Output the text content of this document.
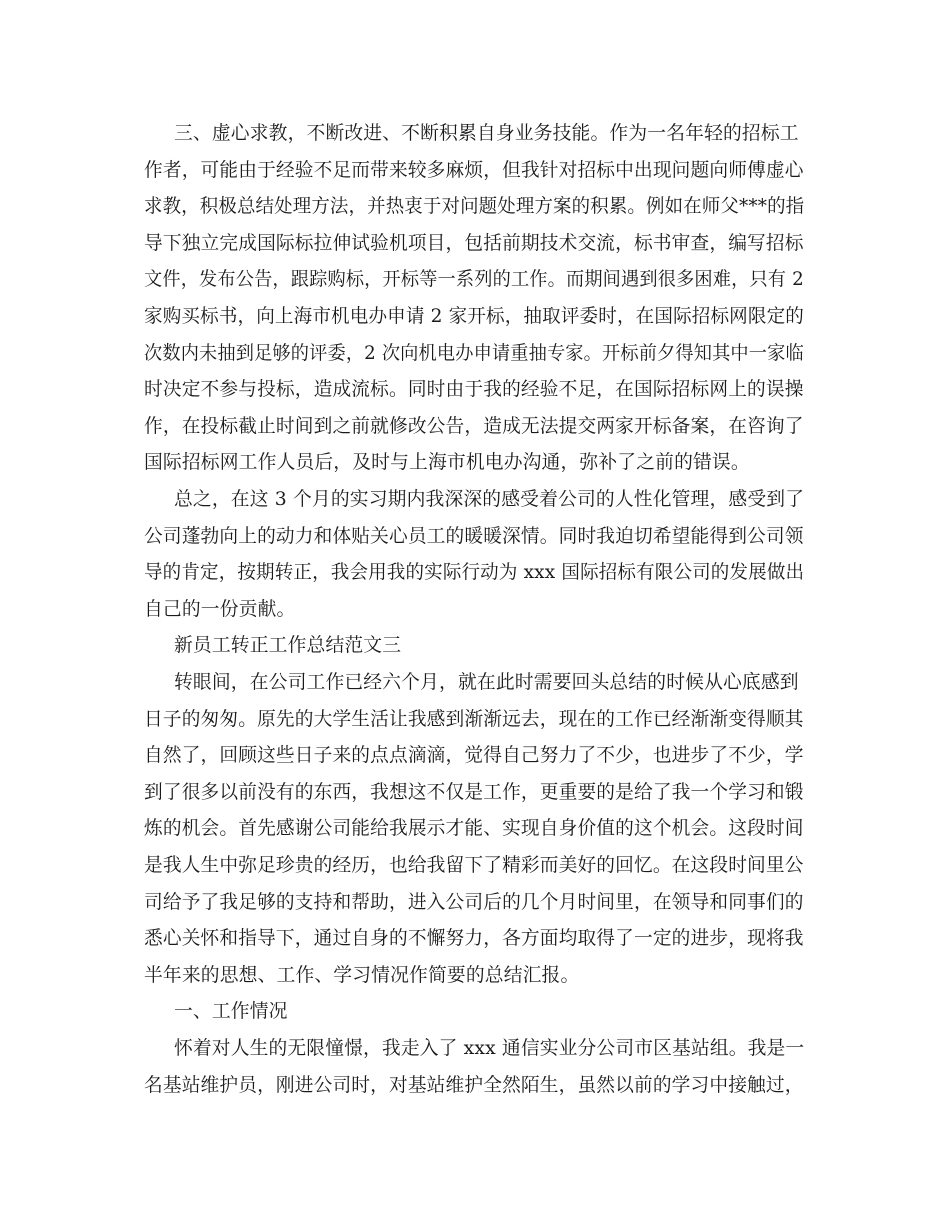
三、虚心求教，不断改进、不断积累自身业务技能。作为一名年轻的招标工
作者，可能由于经验不足而带来较多麻烦，但我针对招标中出现问题向师傅虚心
求教，积极总结处理方法，并热衷于对问题处理方案的积累。例如在师父***的指
导下独立完成国际标拉伸试验机项目，包括前期技术交流，标书审查，编写招标
文件，发布公告，跟踪购标，开标等一系列的工作。而期间遇到很多困难，只有 2
家购买标书，向上海市机电办申请 2 家开标，抽取评委时，在国际招标网限定的
次数内未抽到足够的评委，2 次向机电办申请重抽专家。开标前夕得知其中一家临
时决定不参与投标，造成流标。同时由于我的经验不足，在国际招标网上的误操
作，在投标截止时间到之前就修改公告，造成无法提交两家开标备案，在咨询了
国际招标网工作人员后，及时与上海市机电办沟通，弥补了之前的错误。
总之，在这 3 个月的实习期内我深深的感受着公司的人性化管理，感受到了
公司蓬勃向上的动力和体贴关心员工的暖暖深情。同时我迫切希望能得到公司领
导的肯定，按期转正，我会用我的实际行动为 xxx 国际招标有限公司的发展做出
自己的一份贡献。
新员工转正工作总结范文三
转眼间，在公司工作已经六个月，就在此时需要回头总结的时候从心底感到
日子的匆匆。原先的大学生活让我感到渐渐远去，现在的工作已经渐渐变得顺其
自然了，回顾这些日子来的点点滴滴，觉得自己努力了不少，也进步了不少，学
到了很多以前没有的东西，我想这不仅是工作，更重要的是给了我一个学习和锻
炼的机会。首先感谢公司能给我展示才能、实现自身价值的这个机会。这段时间
是我人生中弥足珍贵的经历，也给我留下了精彩而美好的回忆。在这段时间里公
司给予了我足够的支持和帮助，进入公司后的几个月时间里，在领导和同事们的
悉心关怀和指导下，通过自身的不懈努力，各方面均取得了一定的进步，现将我
半年来的思想、工作、学习情况作简要的总结汇报。
一、工作情况
怀着对人生的无限憧憬，我走入了 xxx 通信实业分公司市区基站组。我是一
名基站维护员，刚进公司时，对基站维护全然陌生，虽然以前的学习中接触过，
